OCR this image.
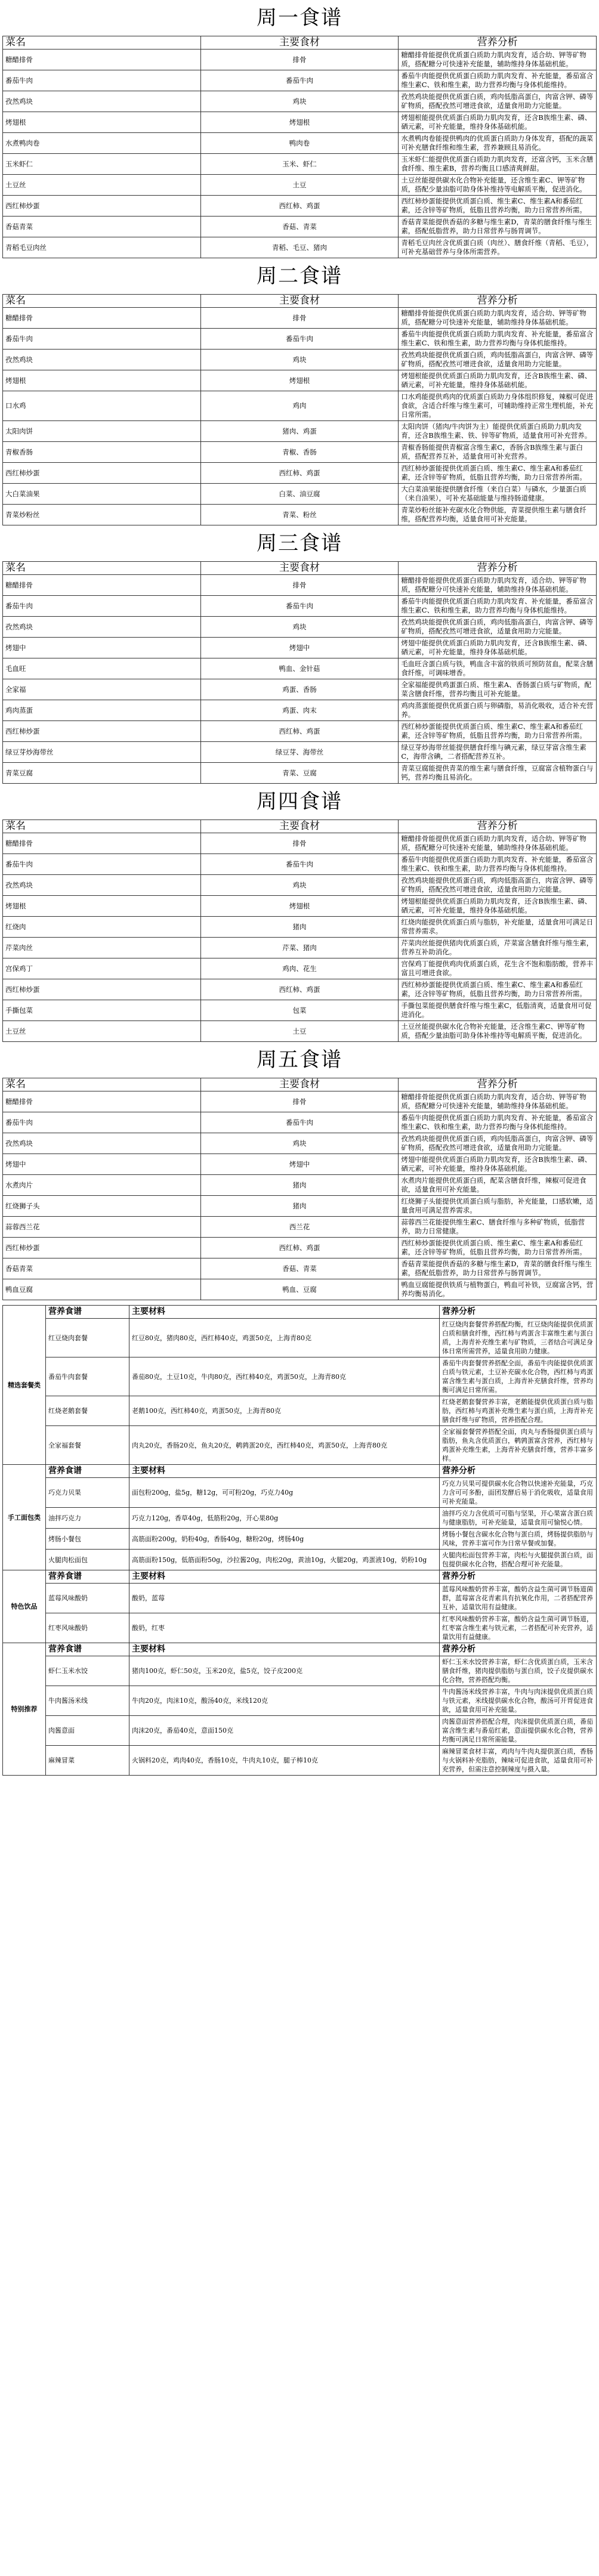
周一食谱
菜名	主要食材	营养分析
糖醋排骨	排骨	糖醋排骨能提供优质蛋白质助力肌肉发育，适合幼、钾等矿物质，搭配糖分可快速补充能量，辅助维持身体基础机能。
番茄牛肉	番茄牛肉	番茄牛肉能提供优质蛋白质助力肌肉发育、补充能量，番茄富含维生素C、铁和维生素，助力营养均衡与身体机能维持。
孜然鸡块	鸡块	孜然鸡块能提供优质蛋白质，鸡肉低脂高蛋白，肉富含钾、磷等矿物质，搭配孜然可增进食欲，适量食用助力完能量。
烤翅根	烤翅根	烤翅根能提供优质蛋白质助力肌肉发育，还含B族维生素、磷、硒元素，可补充能量，维持身体基础机能。
水煮鸭肉卷	鸭肉卷	水煮鸭肉卷能提供鸭肉的优质蛋白质助力身体发育，搭配的蔬菜可补充膳食纤维和维生素，营养兼顾且易消化。
玉米虾仁	玉米、虾仁	玉米虾仁能提供优质蛋白质助力肌肉发育，还富含钙，玉米含膳食纤维、维生素B，营养均衡且口感清爽鲜甜。
土豆丝	土豆	土豆丝能提供碳水化合物补充能量，还含维生素C、钾等矿物质，搭配少量油脂可助身体补维持等电解质平衡，促进消化。
西红柿炒蛋	西红柿、鸡蛋	西红柿炒蛋能提供优质蛋白质、维生素C、维生素A和番茄红素，还含锌等矿物质，低脂且营养均衡，助力日常营养所需。
香菇青菜	香菇、青菜	香菇青菜能提供香菇的多糖与维生素D，青菜的膳食纤维与维生素，搭配低脂营养，助力日常营养与肠胃调节。
青稻毛豆肉丝	青稻、毛豆、猪肉	青稻毛豆肉丝含优质蛋白质（肉丝）、膳食纤维（青稻、毛豆），可补充基础营养与身体所需营养。
周二食谱
菜名	主要食材	营养分析
糖醋排骨	排骨	糖醋排骨能提供优质蛋白质助力肌肉发育，适合幼、钾等矿物质，搭配糖分可快速补充能量，辅助维持身体基础机能。
番茄牛肉	番茄牛肉	番茄牛肉能提供优质蛋白质助力肌肉发育、补充能量，番茄富含维生素C、铁和维生素，助力营养均衡与身体机能维持。
孜然鸡块	鸡块	孜然鸡块能提供优质蛋白质，鸡肉低脂高蛋白，肉富含钾、磷等矿物质，搭配孜然可增进食欲，适量食用助力完能量。
烤翅根	烤翅根	烤翅根能提供优质蛋白质助力肌肉发育，还含B族维生素、磷、硒元素，可补充能量，维持身体基础机能。
口水鸡	鸡肉	口水鸡能提供鸡肉的优质蛋白质助力身体组织修复，辣椒可促进食欲，含适合纤维与维生素可，可辅助维持正常生理机能，补充日常所需。
太阳肉饼	猪肉、鸡蛋	太阳肉饼（猪肉/牛肉饼为主）能提供优质蛋白质助力肌肉发育，还含B族维生素、铁、锌等矿物质，适量食用可补充营养。
青椒香肠	青椒、香肠	青椒香肠能提供青椒富含维生素C，香肠含B族维生素与蛋白质，搭配营养互补，适量食用可补充营养。
西红柿炒蛋	西红柿、鸡蛋	西红柿炒蛋能提供优质蛋白质、维生素C、维生素A和番茄红素，还含锌等矿物质，低脂且营养均衡，助力日常营养所需。
大白菜油果	白菜、油豆腐	大白菜油果能提供膳食纤维（来自白菜）与磷水，少量蛋白质（来自油果），可补充基础能量与维持肠道健康。
青菜炒粉丝	青菜、粉丝	青菜炒粉丝能补充碳水化合物供能，青菜提供维生素与膳食纤维，搭配营养均衡，适量食用可补充能量。
周三食谱
菜名	主要食材	营养分析
糖醋排骨	排骨	糖醋排骨能提供优质蛋白质助力肌肉发育，适合幼、钾等矿物质，搭配糖分可快速补充能量，辅助维持身体基础机能。
番茄牛肉	番茄牛肉	番茄牛肉能提供优质蛋白质助力肌肉发育、补充能量，番茄富含维生素C、铁和维生素，助力营养均衡与身体机能维持。
孜然鸡块	鸡块	孜然鸡块能提供优质蛋白质，鸡肉低脂高蛋白，肉富含钾、磷等矿物质，搭配孜然可增进食欲，适量食用助力完能量。
烤翅中	烤翅中	烤翅中能提供优质蛋白质助力肌肉发育，还含B族维生素、磷、硒元素，可补充能量，维持身体基础机能。
毛血旺	鸭血、金针菇	毛血旺含蛋白质与铁，鸭血含丰富的铁质可预防贫血，配菜含膳食纤维，可调味增香。
全家福	鸡蛋、香肠	全家福能提供鸡蛋蛋白质、维生素A、香肠蛋白质与矿物质，配菜含膳食纤维，营养均衡且可补充能量。
鸡肉蒸蛋	鸡蛋、肉末	鸡肉蒸蛋能提供优质蛋白质与卵磷脂，易消化吸收，适合补充营养。
西红柿炒蛋	西红柿、鸡蛋	西红柿炒蛋能提供优质蛋白质、维生素C、维生素A和番茄红素，还含锌等矿物质，低脂且营养均衡，助力日常营养所需。
绿豆芽炒海带丝	绿豆芽、海带丝	绿豆芽炒海带丝能提供膳食纤维与碘元素，绿豆芽富含维生素C，海带含碘，二者搭配营养互补。
青菜豆腐	青菜、豆腐	青菜豆腐能提供青菜的维生素与膳食纤维，豆腐富含植物蛋白与钙，营养均衡且易消化。
周四食谱
菜名	主要食材	营养分析
糖醋排骨	排骨	糖醋排骨能提供优质蛋白质助力肌肉发育，适合幼、钾等矿物质，搭配糖分可快速补充能量，辅助维持身体基础机能。
番茄牛肉	番茄牛肉	番茄牛肉能提供优质蛋白质助力肌肉发育、补充能量，番茄富含维生素C、铁和维生素，助力营养均衡与身体机能维持。
孜然鸡块	鸡块	孜然鸡块能提供优质蛋白质，鸡肉低脂高蛋白，肉富含钾、磷等矿物质，搭配孜然可增进食欲，适量食用助力完能量。
烤翅根	烤翅根	烤翅根能提供优质蛋白质助力肌肉发育，还含B族维生素、磷、硒元素，可补充能量，维持身体基础机能。
红烧肉	猪肉	红烧肉能提供优质蛋白质与脂肪，补充能量，适量食用可满足日常营养需求。
芹菜肉丝	芹菜、猪肉	芹菜肉丝能提供猪肉优质蛋白质，芹菜富含膳食纤维与维生素，营养互补助消化。
宫保鸡丁	鸡肉、花生	宫保鸡丁能提供鸡肉优质蛋白质，花生含不饱和脂肪酸，营养丰富且可增进食欲。
西红柿炒蛋	西红柿、鸡蛋	西红柿炒蛋能提供优质蛋白质、维生素C、维生素A和番茄红素，还含锌等矿物质，低脂且营养均衡，助力日常营养所需。
手撕包菜	包菜	手撕包菜能提供膳食纤维与维生素C，低脂清爽，适量食用可促进消化。
土豆丝	土豆	土豆丝能提供碳水化合物补充能量，还含维生素C、钾等矿物质，搭配少量油脂可助身体补维持等电解质平衡，促进消化。
周五食谱
菜名	主要食材	营养分析
糖醋排骨	排骨	糖醋排骨能提供优质蛋白质助力肌肉发育，适合幼、钾等矿物质，搭配糖分可快速补充能量，辅助维持身体基础机能。
番茄牛肉	番茄牛肉	番茄牛肉能提供优质蛋白质助力肌肉发育、补充能量，番茄富含维生素C、铁和维生素，助力营养均衡与身体机能维持。
孜然鸡块	鸡块	孜然鸡块能提供优质蛋白质，鸡肉低脂高蛋白，肉富含钾、磷等矿物质，搭配孜然可增进食欲，适量食用助力完能量。
烤翅中	烤翅中	烤翅中能提供优质蛋白质助力肌肉发育，还含B族维生素、磷、硒元素，可补充能量，维持身体基础机能。
水煮肉片	猪肉	水煮肉片能提供优质蛋白质，配菜含膳食纤维，辣椒可促进食欲，适量食用可补充能量。
红烧狮子头	猪肉	红烧狮子头能提供优质蛋白质与脂肪，补充能量，口感软嫩，适量食用可满足营养需求。
蒜蓉西兰花	西兰花	蒜蓉西兰花能提供维生素C、膳食纤维与多种矿物质，低脂营养，助力日常健康。
西红柿炒蛋	西红柿、鸡蛋	西红柿炒蛋能提供优质蛋白质、维生素C、维生素A和番茄红素，还含锌等矿物质，低脂且营养均衡，助力日常营养所需。
香菇青菜	香菇、青菜	香菇青菜能提供香菇的多糖与维生素D，青菜的膳食纤维与维生素，搭配低脂营养，助力日常营养与肠胃调节。
鸭血豆腐	鸭血、豆腐	鸭血豆腐能提供铁质与植物蛋白，鸭血可补铁，豆腐富含钙，营养均衡易消化。
精选套餐类	营养食谱	主要材料	营养分析
	红豆烧肉套餐	红豆80克，猪肉80克，西红柿40克，鸡蛋50克，上海青80克	红豆烧肉套餐营养搭配均衡，红豆烧肉能提供优质蛋白质和膳食纤维，西红柿与鸡蛋含丰富维生素与蛋白质，上海青补充维生素与矿物质，三者结合可满足身体日常所需营养，适量食用助力健康。
	番茄牛肉套餐	番茄80克，土豆10克，牛肉80克，西红柿40克，鸡蛋50克，上海青80克	番茄牛肉套餐营养搭配全面，番茄牛肉能提供优质蛋白质与铁元素，土豆补充碳水化合物，西红柿与鸡蛋富含维生素与蛋白质，上海青补充膳食纤维，营养均衡可满足日常所需。
	红烧老鹅套餐	老鹅100克，西红柿40克，鸡蛋50克，上海青80克	红烧老鹅套餐营养丰富，老鹅能提供优质蛋白质与脂肪，西红柿与鸡蛋补充维生素与蛋白质，上海青补充膳食纤维与矿物质，营养搭配合理。
	全家福套餐	肉丸20克，香肠20克，鱼丸20克，鹌鹑蛋20克，西红柿40克，鸡蛋50克，上海青80克	全家福套餐营养搭配全面，肉丸与香肠提供蛋白质与脂肪，鱼丸含优质蛋白，鹌鹑蛋富含营养，西红柿与鸡蛋补充维生素，上海青补充膳食纤维，营养丰富多样。
手工面包类	营养食谱	主要材料	营养分析
	巧克力贝果	面包粉200g，盐5g，糖12g，可可粉20g，巧克力40g	巧克力贝果可提供碳水化合物以快速补充能量，巧克力含可可多酚，面团发酵后易于消化吸收，适量食用可补充能量。
	油拌巧克力	巧克力120g，香草40g，低筋粉20g，开心果80g	油拌巧克力含优质可可脂与坚果，开心果富含蛋白质与健康脂肪，可补充能量，适量食用可愉悦心情。
	烤肠小餐包	高筋面粉200g，奶粉40g，香肠40g，糖粉20g，烤肠40g	烤肠小餐包含碳水化合物与蛋白质，烤肠提供脂肪与风味，营养丰富可作为日常早餐或加餐。
	火腿肉松面包	高筋面粉150g，低筋面粉50g，沙拉酱20g，肉松20g，黄油10g，火腿20g，鸡蛋液10g，奶粉10g	火腿肉松面包营养丰富，肉松与火腿提供蛋白质，面包提供碳水化合物，搭配合理可补充能量。
特色饮品	营养食谱	主要材料	营养分析
	蓝莓风味酸奶	酸奶，蓝莓	蓝莓风味酸奶营养丰富，酸奶含益生菌可调节肠道菌群，蓝莓富含花青素具有抗氧化作用，二者搭配营养互补，适量饮用有益健康。
	红枣风味酸奶	酸奶，红枣	红枣风味酸奶营养丰富，酸奶含益生菌可调节肠道，红枣富含维生素与铁元素，二者搭配可补充营养，适量饮用有益健康。
特别推荐	营养食谱	主要材料	营养分析
	虾仁玉米水饺	猪肉100克，虾仁50克，玉米20克，盐5克，饺子皮200克	虾仁玉米水饺营养丰富，虾仁含优质蛋白质，玉米含膳食纤维，猪肉提供脂肪与蛋白质，饺子皮提供碳水化合物，营养搭配均衡。
	牛肉酱汤米线	牛肉20克，肉沫10克，酸汤40克，米线120克	牛肉酱汤米线营养丰富，牛肉与肉沫提供优质蛋白质与铁元素，米线提供碳水化合物，酸汤可开胃促进食欲，适量食用可补充能量。
	肉酱意面	肉沫20克，番茄40克，意面150克	肉酱意面营养搭配合理，肉沫提供优质蛋白质，番茄富含维生素与番茄红素，意面提供碳水化合物，营养均衡可满足日常所需能量。
	麻辣冒菜	火锅料20克，鸡肉40克，香肠10克，牛肉丸10克，腿子棒10克	麻辣冒菜食材丰富，鸡肉与牛肉丸提供蛋白质，香肠与火锅料补充脂肪，辣味可促进食欲，适量食用可补充营养，但需注意控制辣度与摄入量。
